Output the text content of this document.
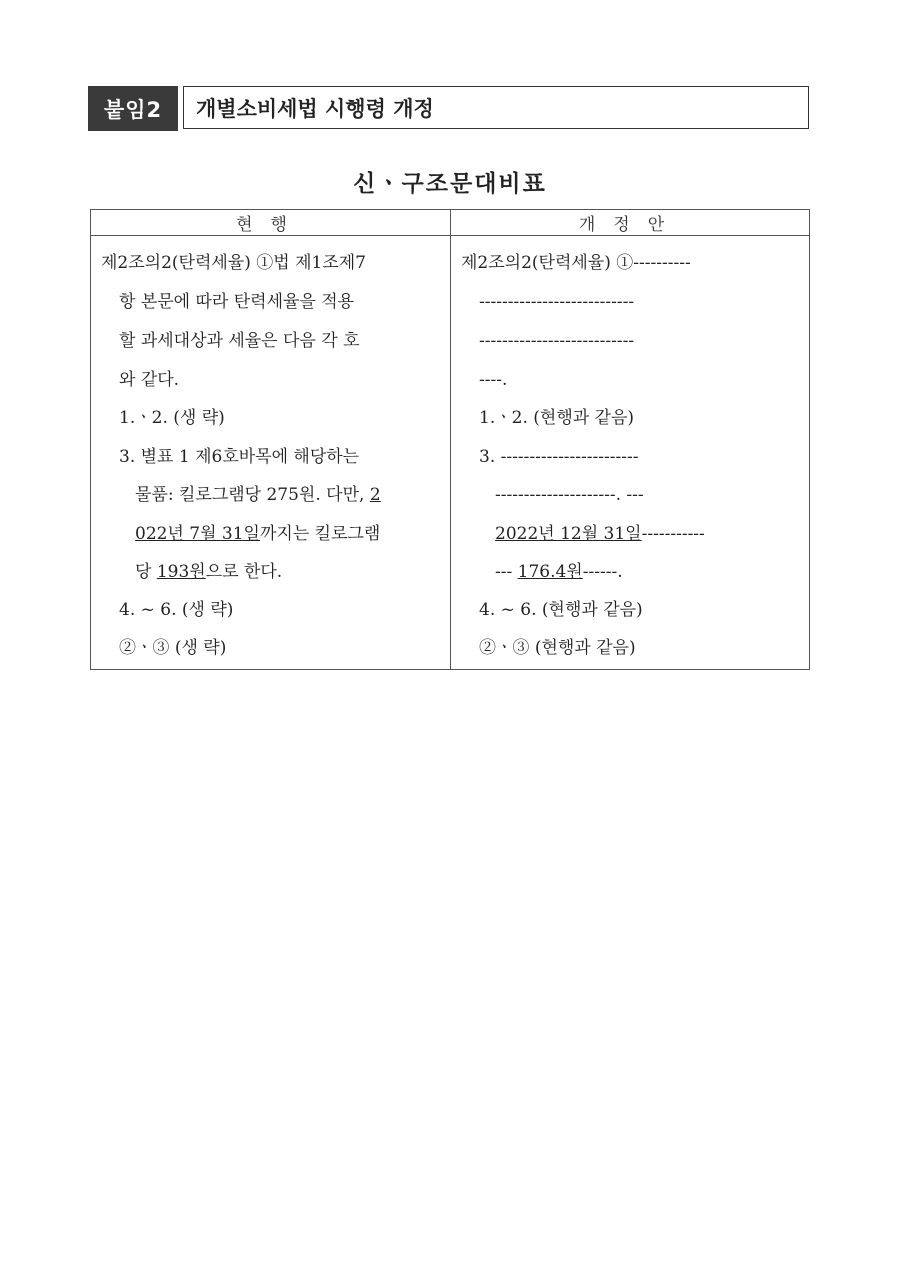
붙임2	개별소비세법 시행령 개정
신ㆍ구조문대비표
현행	개정안
제2조의2(탄력세율) ①법 제1조제7
항 본문에 따라 탄력세율을 적용
할 과세대상과 세율은 다음 각 호
와 같다.
1.ㆍ2. (생 략)
3. 별표 1 제6호바목에 해당하는
물품: 킬로그램당 275원. 다만, 2
022년 7월 31일까지는 킬로그램
당 193원으로 한다.
4. ~ 6. (생 략)
②ㆍ③ (생 략)
제2조의2(탄력세율) ①----------
---------------------------
---------------------------
----.
1.ㆍ2. (현행과 같음)
3. ------------------------
---------------------. ---
2022년 12월 31일-----------
--- 176.4원------.
4. ~ 6. (현행과 같음)
②ㆍ③ (현행과 같음)
